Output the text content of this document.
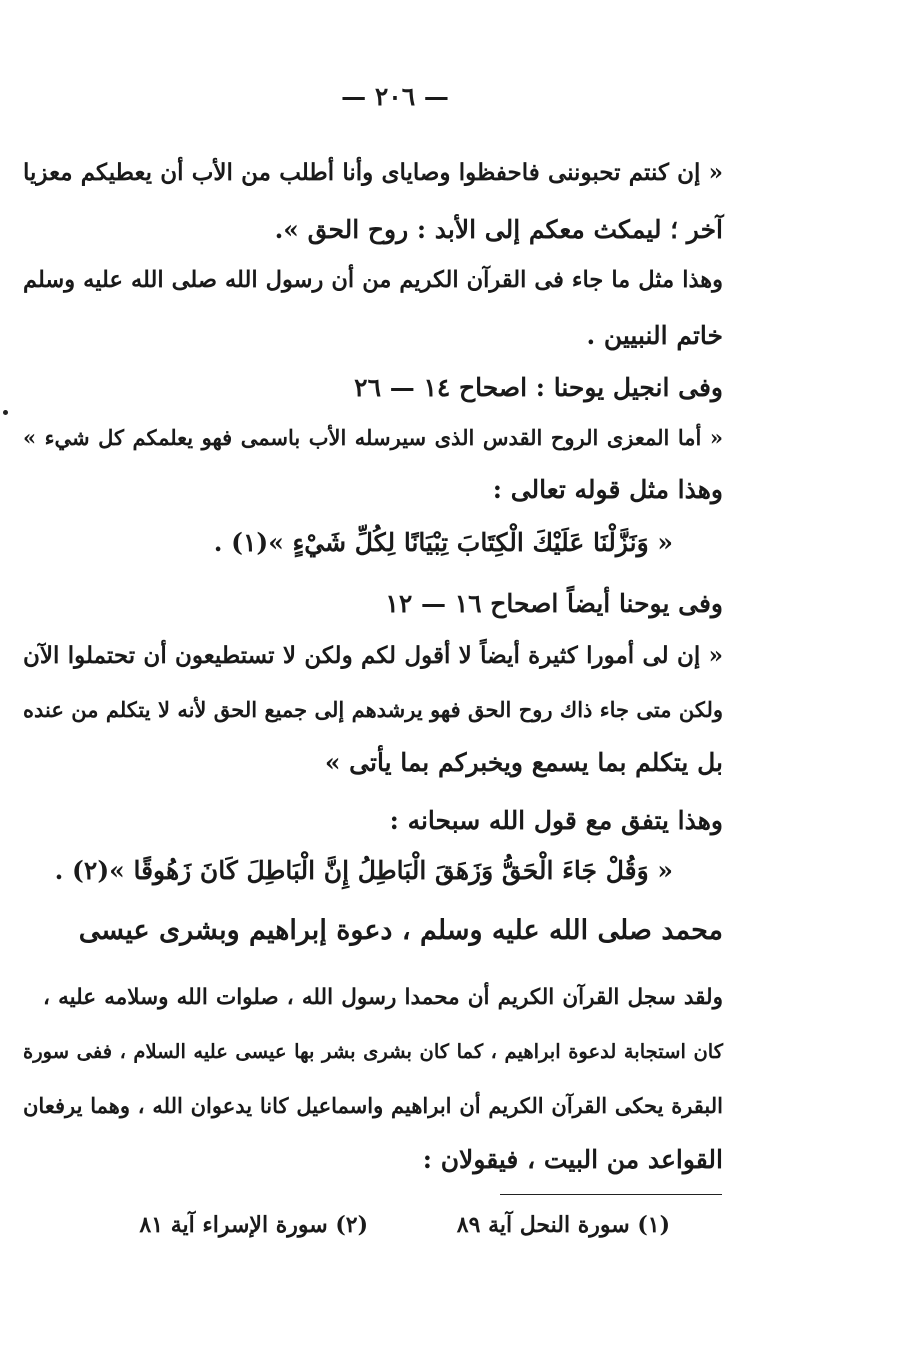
— ٢٠٦ —
« إن كنتم تحبوننى فاحفظوا وصاياى وأنا أطلب من الأب أن يعطيكم معزيا
آخر ؛ ليمكث معكم إلى الأبد : روح الحق ».
وهذا مثل ما جاء فى القرآن الكريم من أن رسول الله صلى الله عليه وسلم
خاتم النبيين .
وفى انجيل يوحنا : اصحاح ١٤ — ٢٦
« أما المعزى الروح القدس الذى سيرسله الأب باسمى فهو يعلمكم كل شيء »
وهذا مثل قوله تعالى :
« وَنَزَّلْنَا عَلَيْكَ الْكِتَابَ تِبْيَانًا لِكُلِّ شَيْءٍ »(١) .
وفى يوحنا أيضاً اصحاح ١٦ — ١٢
« إن لى أمورا كثيرة أيضاً لا أقول لكم ولكن لا تستطيعون أن تحتملوا الآن
ولكن متى جاء ذاك روح الحق فهو يرشدهم إلى جميع الحق لأنه لا يتكلم من عنده
بل يتكلم بما يسمع ويخبركم بما يأتى »
وهذا يتفق مع قول الله سبحانه :
« وَقُلْ جَاءَ الْحَقُّ وَزَهَقَ الْبَاطِلُ إِنَّ الْبَاطِلَ كَانَ زَهُوقًا »(٢) .
محمد صلى الله عليه وسلم ، دعوة إبراهيم وبشرى عيسى
ولقد سجل القرآن الكريم أن محمدا رسول الله ، صلوات الله وسلامه عليه ،
كان استجابة لدعوة ابراهيم ، كما كان بشرى بشر بها عيسى عليه السلام ، ففى سورة
البقرة يحكى القرآن الكريم أن ابراهيم واسماعيل كانا يدعوان الله ، وهما يرفعان
القواعد من البيت ، فيقولان :
(١) سورة النحل آية ٨٩
(٢) سورة الإسراء آية ٨١
